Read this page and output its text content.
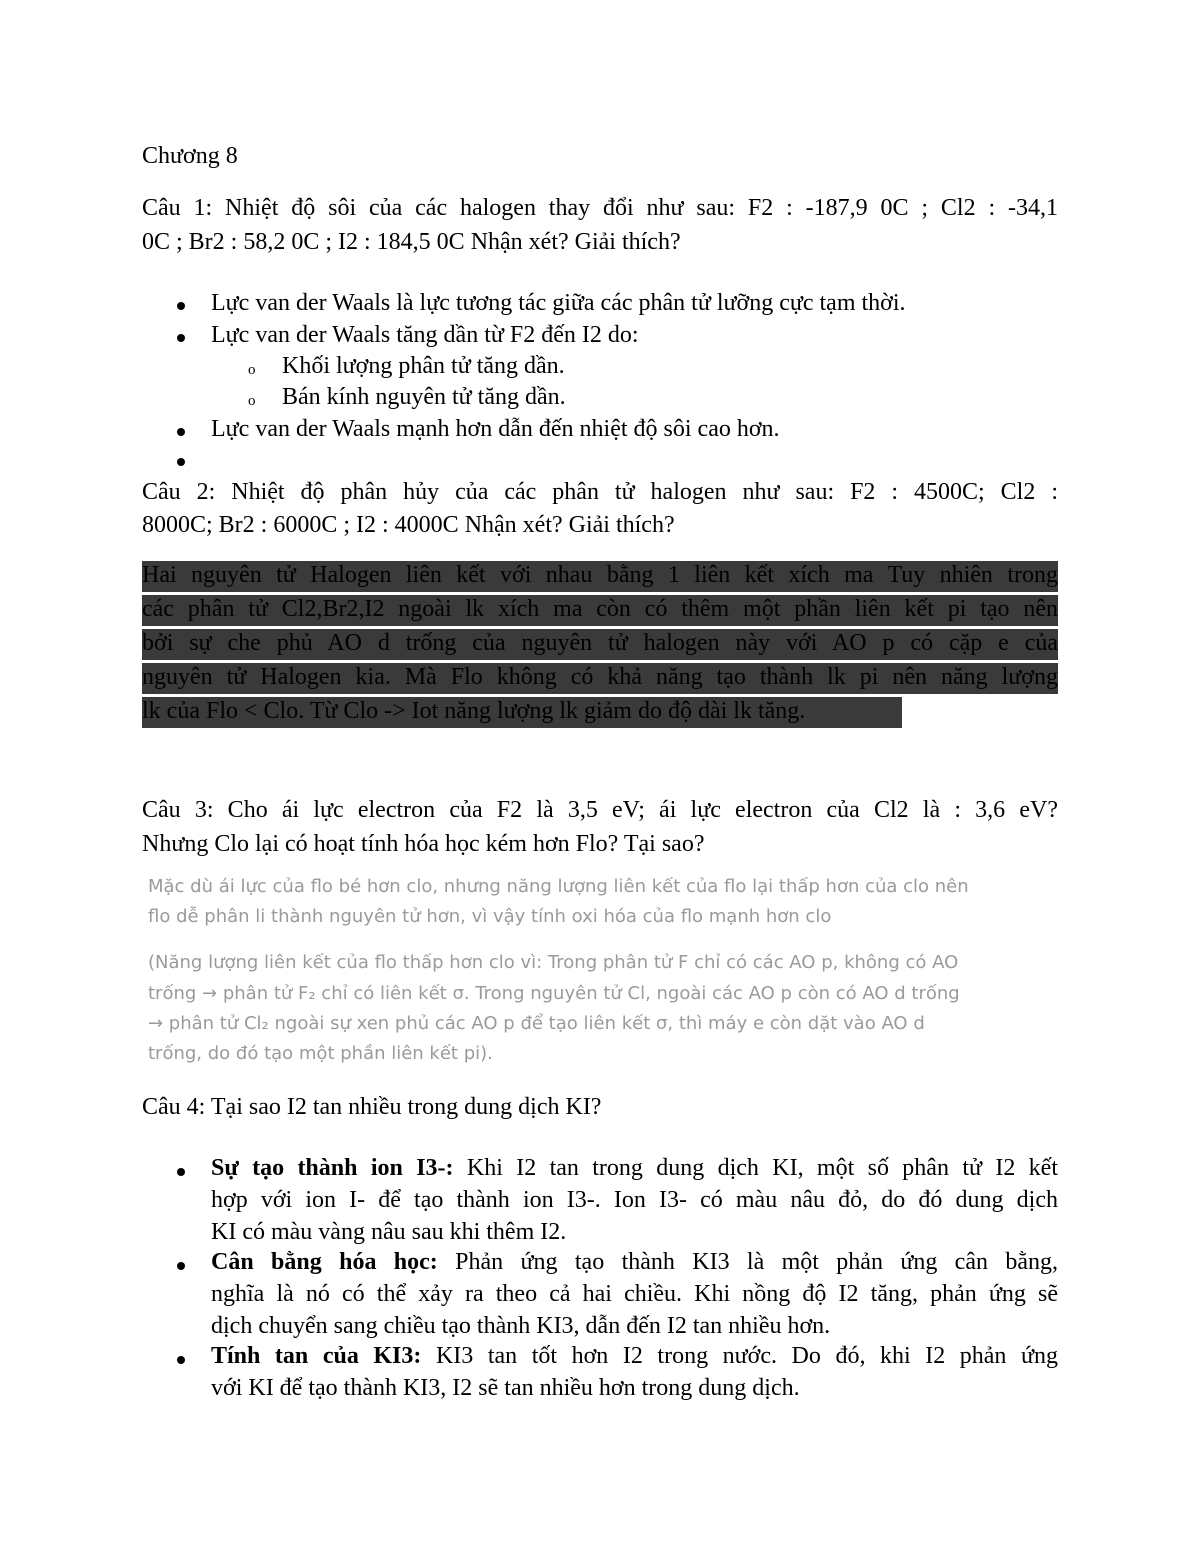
Chương 8
Câu 1: Nhiệt độ sôi của các halogen thay đổi như sau: F2 : -187,9 0C ; Cl2 : -34,1
0C ; Br2 : 58,2 0C ; I2 : 184,5 0C Nhận xét? Giải thích?
Lực van der Waals là lực tương tác giữa các phân tử lưỡng cực tạm thời.
Lực van der Waals tăng dần từ F2 đến I2 do:
o Khối lượng phân tử tăng dần.
o Bán kính nguyên tử tăng dần.
Lực van der Waals mạnh hơn dẫn đến nhiệt độ sôi cao hơn.
Câu 2: Nhiệt độ phân hủy của các phân tử halogen như sau: F2 : 4500C; Cl2 :
8000C; Br2 : 6000C ; I2 : 4000C Nhận xét? Giải thích?
Hai nguyên tử Halogen liên kết với nhau bằng 1 liên kết xích ma Tuy nhiên trong
các phân tử Cl2,Br2,I2 ngoài lk xích ma còn có thêm một phần liên kết pi tạo nên
bởi sự che phủ AO d trống của nguyên tử halogen này với AO p có cặp e của
nguyên tử Halogen kia. Mà Flo không có khả năng tạo thành lk pi nên năng lượng
lk của Flo < Clo. Từ Clo -> Iot năng lượng lk giảm do độ dài lk tăng.
Câu 3: Cho ái lực electron của F2 là 3,5 eV; ái lực electron của Cl2 là : 3,6 eV?
Nhưng Clo lại có hoạt tính hóa học kém hơn Flo? Tại sao?
Mặc dù ái lực của flo bé hơn clo, nhưng năng lượng liên kết của flo lại thấp hơn của clo nên
flo dễ phân li thành nguyên tử hơn, vì vậy tính oxi hóa của flo mạnh hơn clo
(Năng lượng liên kết của flo thấp hơn clo vì: Trong phân tử F chỉ có các AO p, không có AO
trống → phân tử F₂ chỉ có liên kết σ. Trong nguyên tử Cl, ngoài các AO p còn có AO d trống
→ phân tử Cl₂ ngoài sự xen phủ các AO p để tạo liên kết σ, thì máy e còn dặt vào AO d
trống, do đó tạo một phần liên kết pi).
Câu 4: Tại sao I2 tan nhiều trong dung dịch KI?
Sự tạo thành ion I3-: Khi I2 tan trong dung dịch KI, một số phân tử I2 kết
hợp với ion I- để tạo thành ion I3-. Ion I3- có màu nâu đỏ, do đó dung dịch
KI có màu vàng nâu sau khi thêm I2.
Cân bằng hóa học: Phản ứng tạo thành KI3 là một phản ứng cân bằng,
nghĩa là nó có thể xảy ra theo cả hai chiều. Khi nồng độ I2 tăng, phản ứng sẽ
dịch chuyển sang chiều tạo thành KI3, dẫn đến I2 tan nhiều hơn.
Tính tan của KI3: KI3 tan tốt hơn I2 trong nước. Do đó, khi I2 phản ứng
với KI để tạo thành KI3, I2 sẽ tan nhiều hơn trong dung dịch.
